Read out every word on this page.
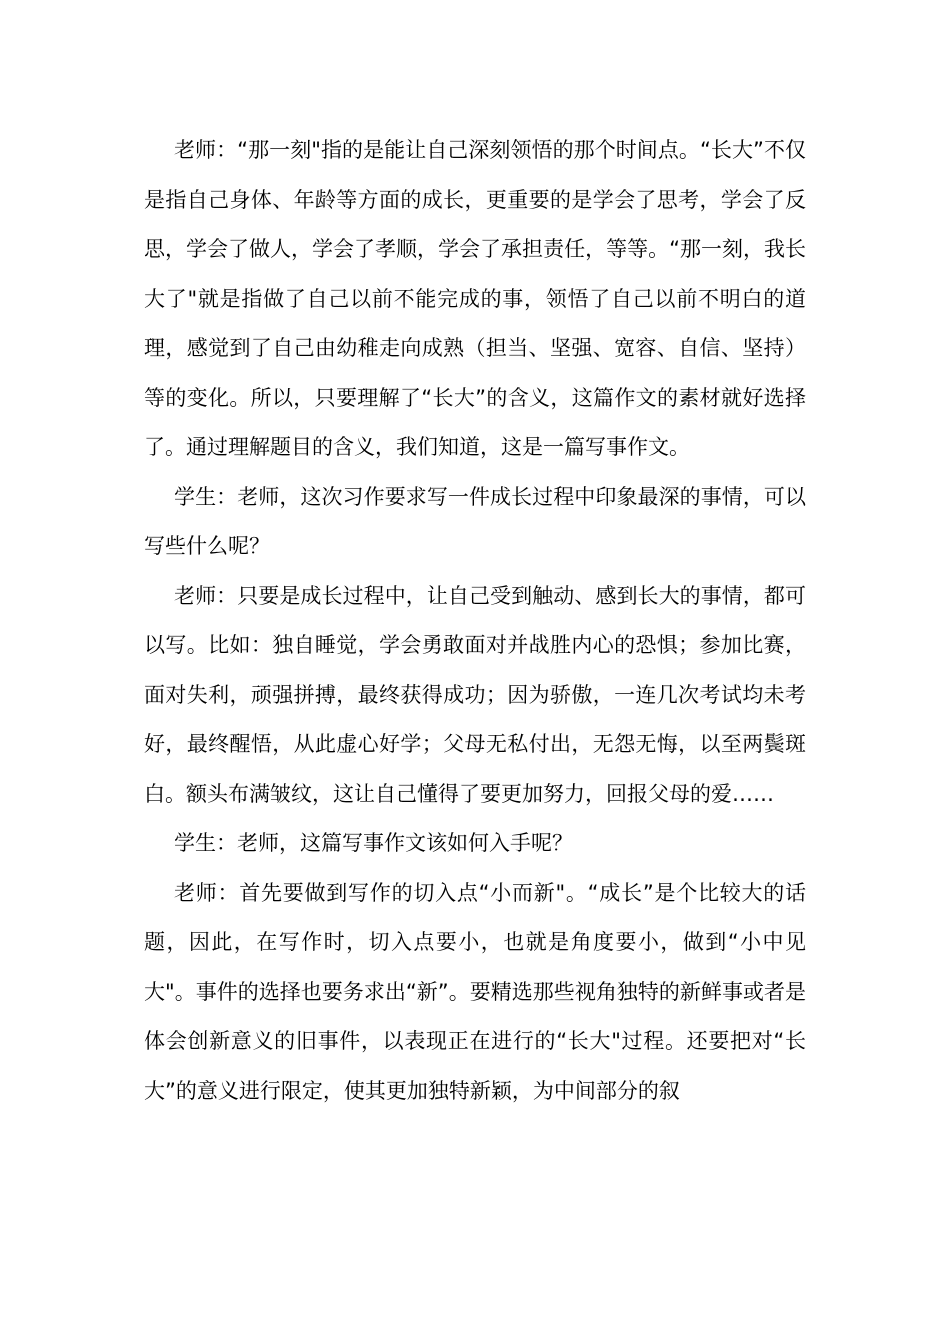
老师：“那一刻"指的是能让自己深刻领悟的那个时间点。“长大”不仅是指自己身体、年龄等方面的成长，更重要的是学会了思考，学会了反思，学会了做人，学会了孝顺，学会了承担责任，等等。“那一刻，我长大了"就是指做了自己以前不能完成的事，领悟了自己以前不明白的道理，感觉到了自己由幼稚走向成熟（担当、坚强、宽容、自信、坚持）等的变化。所以，只要理解了“长大”的含义，这篇作文的素材就好选择了。通过理解题目的含义，我们知道，这是一篇写事作文。

学生：老师，这次习作要求写一件成长过程中印象最深的事情，可以写些什么呢？

老师：只要是成长过程中，让自己受到触动、感到长大的事情，都可以写。比如：独自睡觉，学会勇敢面对并战胜内心的恐惧；参加比赛，面对失利，顽强拼搏，最终获得成功；因为骄傲，一连几次考试均未考好，最终醒悟，从此虚心好学；父母无私付出，无怨无悔，以至两鬓斑白。额头布满皱纹，这让自己懂得了要更加努力，回报父母的爱……

学生：老师，这篇写事作文该如何入手呢？

老师：首先要做到写作的切入点“小而新"。“成长”是个比较大的话题，因此，在写作时，切入点要小，也就是角度要小，做到“小中见大"。事件的选择也要务求出“新”。要精选那些视角独特的新鲜事或者是体会创新意义的旧事件，以表现正在进行的“长大"过程。还要把对“长大”的意义进行限定，使其更加独特新颖，为中间部分的叙
